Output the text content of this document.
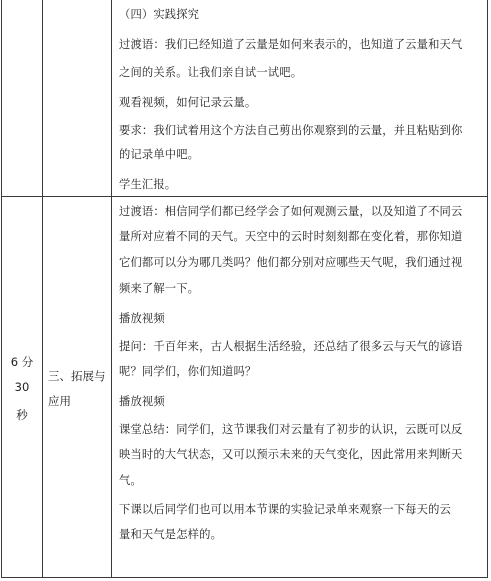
（四）实践探究
过渡语：我们已经知道了云量是如何来表示的，也知道了云量和天气
之间的关系。让我们亲自试一试吧。
观看视频，如何记录云量。
要求：我们试着用这个方法自己剪出你观察到的云量，并且粘贴到你
的记录单中吧。
学生汇报。
6 分
30
秒
三、拓展与
应用
过渡语：相信同学们都已经学会了如何观测云量，以及知道了不同云
量所对应着不同的天气。天空中的云时时刻刻都在变化着，那你知道
它们都可以分为哪几类吗？他们都分别对应哪些天气呢，我们通过视
频来了解一下。
播放视频
提问：千百年来，古人根据生活经验，还总结了很多云与天气的谚语
呢？同学们，你们知道吗？
播放视频
课堂总结：同学们，这节课我们对云量有了初步的认识，云既可以反
映当时的大气状态，又可以预示未来的天气变化，因此常用来判断天
气。
下课以后同学们也可以用本节课的实验记录单来观察一下每天的云
量和天气是怎样的。
